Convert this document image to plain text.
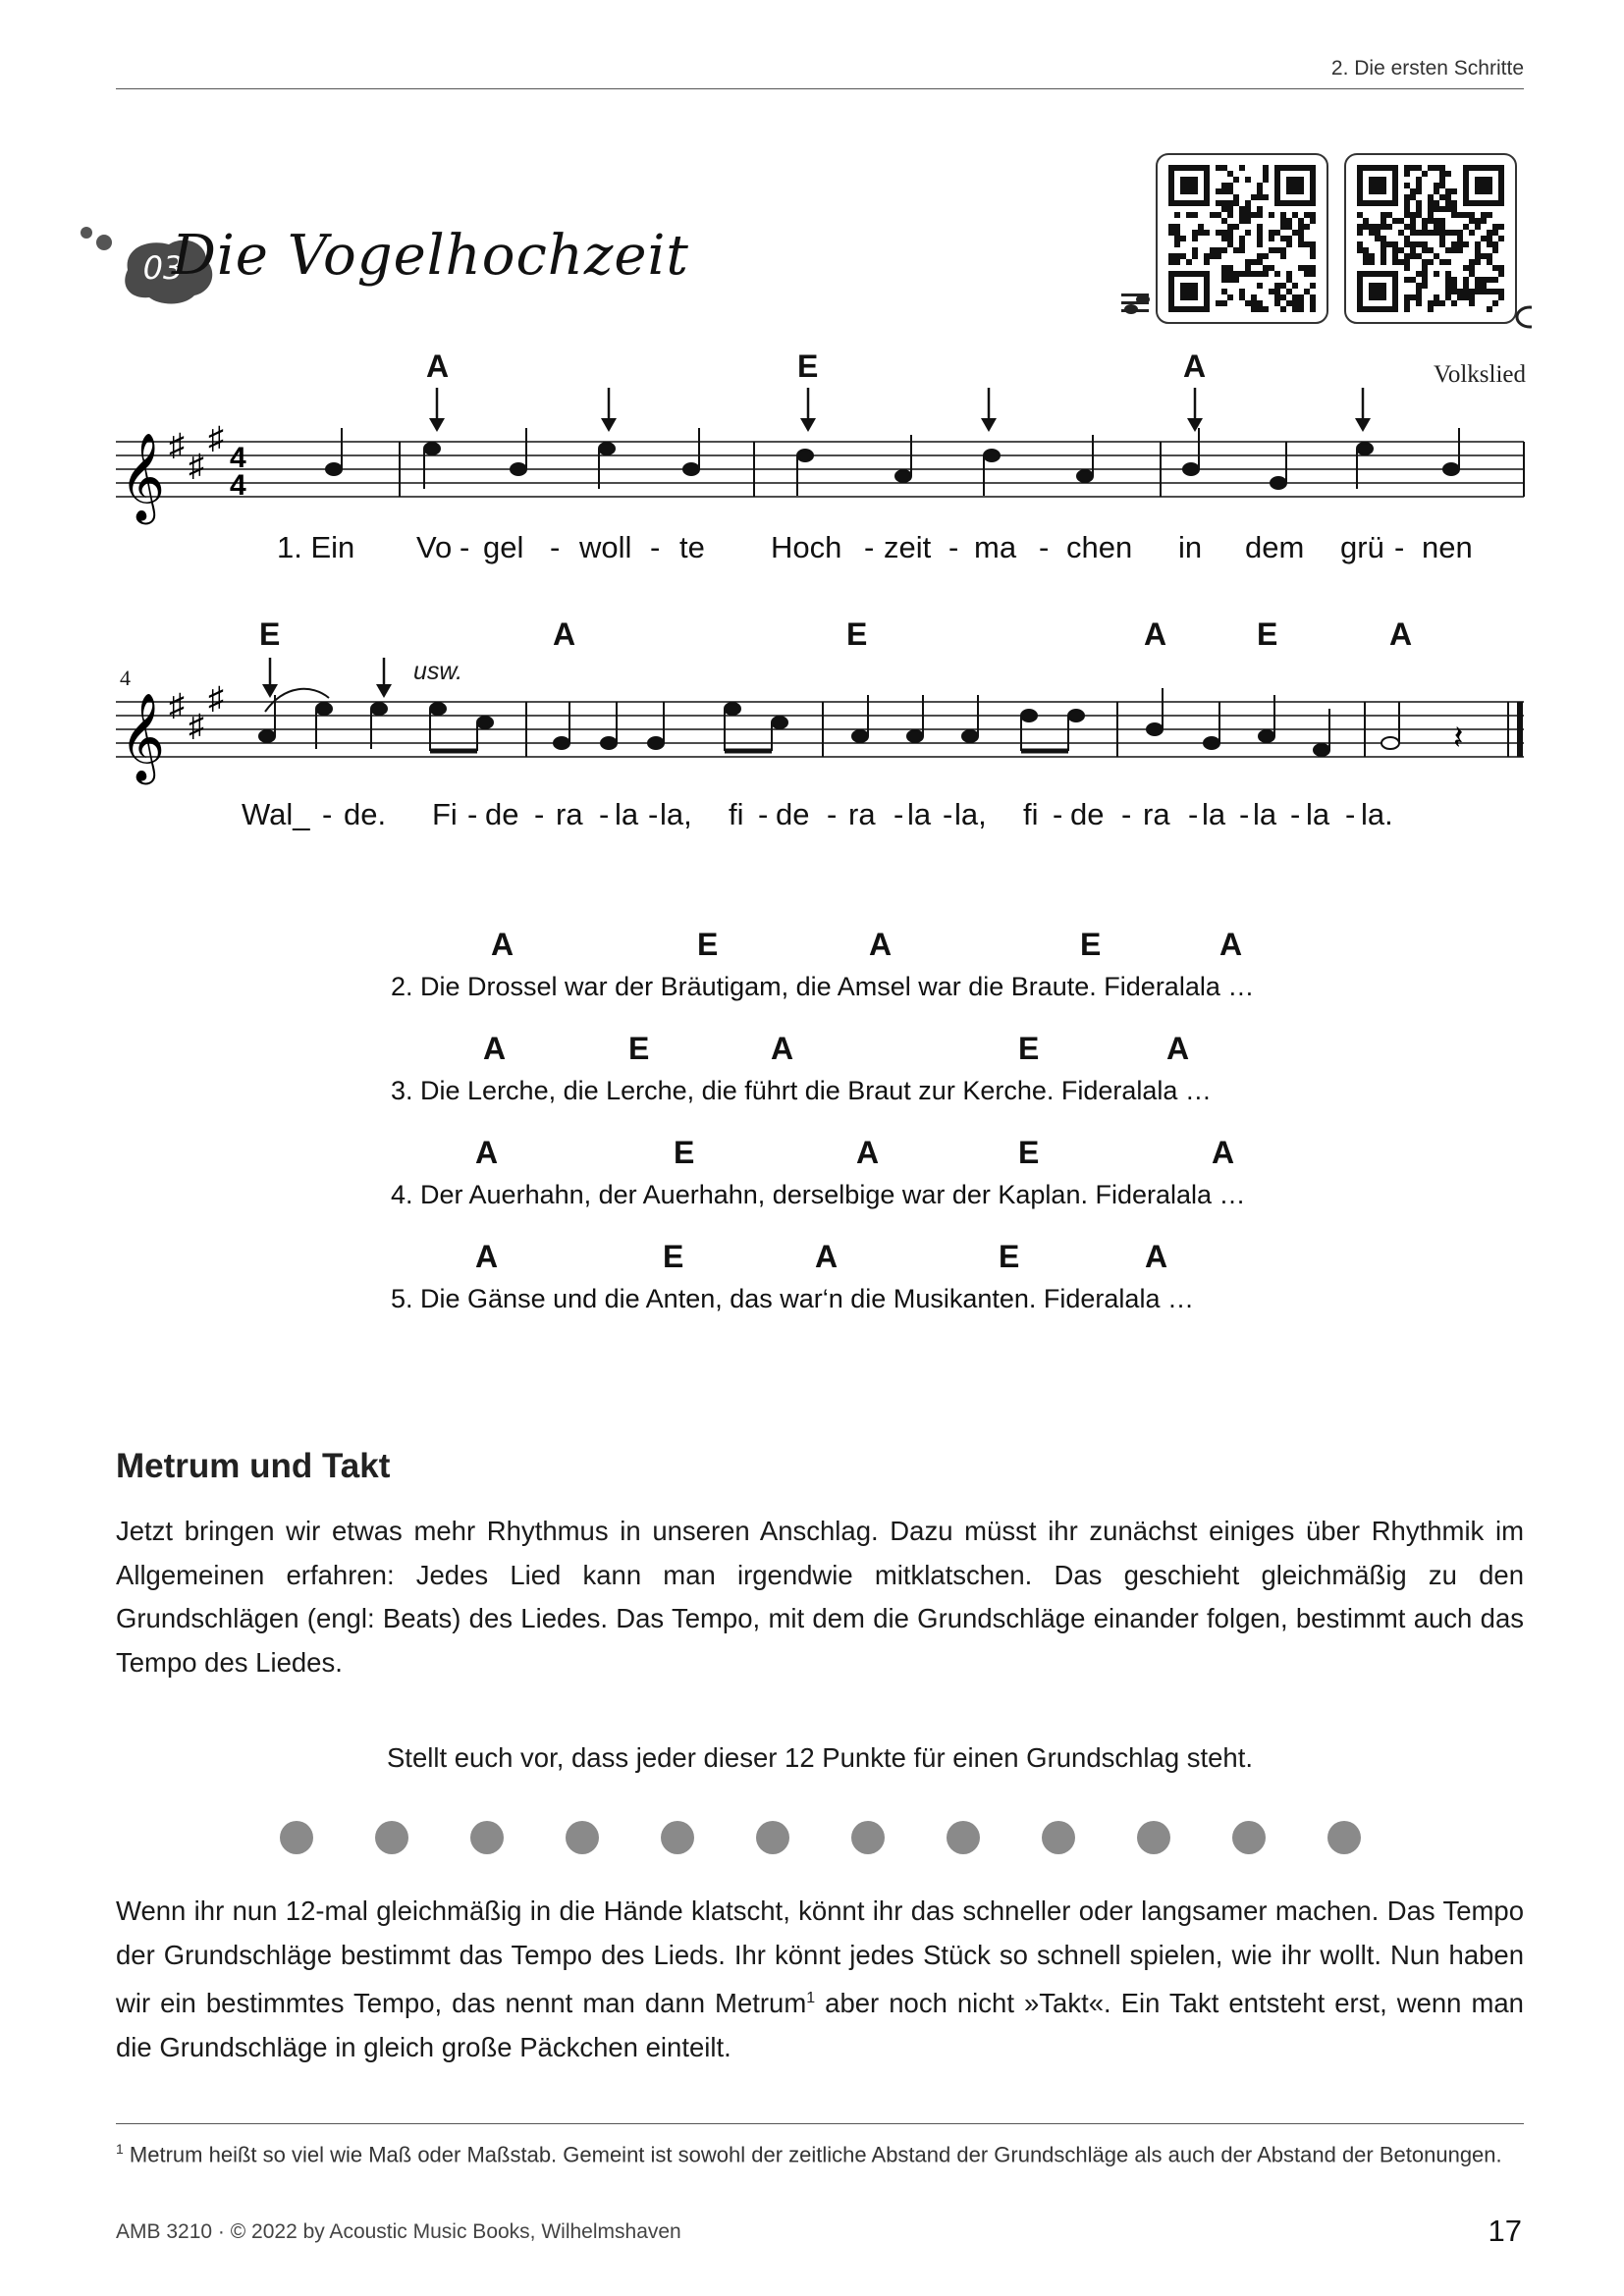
2. Die ersten Schritte
03
Die Vogelhochzeit
Volkslied
𝄞 ♯
♯
♯
4
4
A	E	A
1. Ein Vo - gel - woll - te Hoch - zeit - ma - chen in dem grü - nen
4	usw.
𝄞 ♯
♯
♯
𝄽
E	A	E	A	E	A
Wal_ - de. Fi - de - ra - la - la, fi - de - ra - la - la, fi - de - ra - la - la - la - la.
A	E	A	E	A
2. Die Drossel war der Bräutigam, die Amsel war die Braute. Fideralala …
A	E	A	E	A
3. Die Lerche, die Lerche, die führt die Braut zur Kerche. Fideralala …
A	E	A	E	A
4. Der Auerhahn, der Auerhahn, derselbige war der Kaplan. Fideralala …
A	E	A	E	A
5. Die Gänse und die Anten, das war‘n die Musikanten. Fideralala …
Metrum und Takt
Jetzt bringen wir etwas mehr Rhythmus in unseren Anschlag. Dazu müsst ihr zunächst einiges über Rhythmik im Allgemeinen erfahren: Jedes Lied kann man irgendwie mitklatschen. Das geschieht gleichmäßig zu den Grundschlägen (engl: Beats) des Liedes. Das Tempo, mit dem die Grundschläge einander folgen, bestimmt auch das Tempo des Liedes.
Stellt euch vor, dass jeder dieser 12 Punkte für einen Grundschlag steht.
Wenn ihr nun 12-mal gleichmäßig in die Hände klatscht, könnt ihr das schneller oder langsamer machen. Das Tempo der Grundschläge bestimmt das Tempo des Lieds. Ihr könnt jedes Stück so schnell spielen, wie ihr wollt. Nun haben wir ein bestimmtes Tempo, das nennt man dann Metrum$^1$ aber noch nicht »Takt«. Ein Takt entsteht erst, wenn man die Grundschläge in gleich große Päckchen einteilt.
$^1$ Metrum heißt so viel wie Maß oder Maßstab. Gemeint ist sowohl der zeitliche Abstand der Grundschläge als auch der Abstand der Betonungen.
AMB 3210 · © 2022 by Acoustic Music Books, Wilhelmshaven	17
